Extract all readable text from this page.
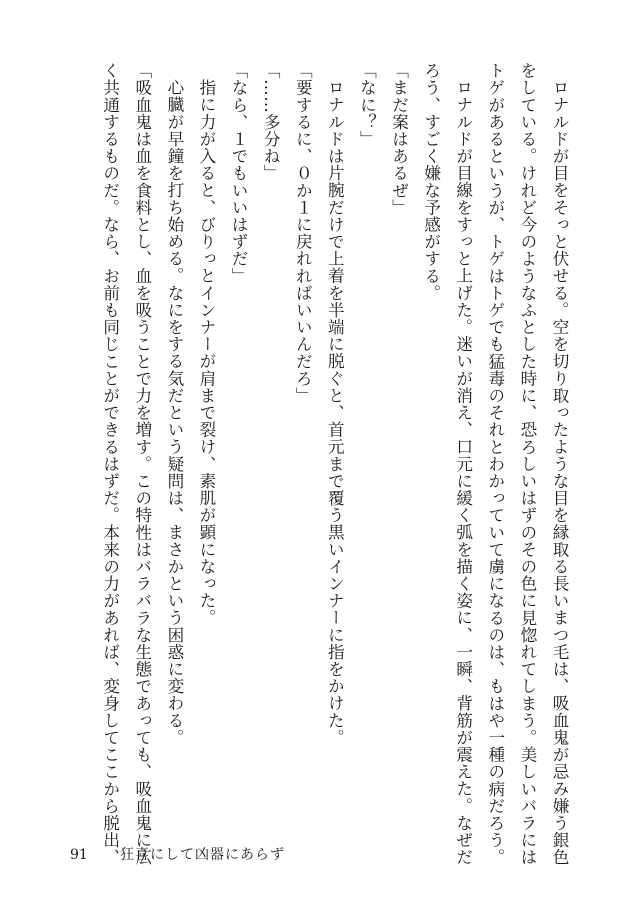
ロナルドが目をそっと伏せる。空を切り取ったような目を縁取る長いまつ毛は、吸血鬼が忌み嫌う銀色
をしている。けれど今のようなふとした時に、恐ろしいはずのその色に見惚れてしまう。美しいバラには
トゲがあるというが、トゲはトゲでも猛毒のそれとわかっていて虜になるのは、もはや一種の病だろう。
ロナルドが目線をすっと上げた。迷いが消え、口元に緩く弧を描く姿に、一瞬、背筋が震えた。なぜだ
ろう、すごく嫌な予感がする。
「まだ案はあるぜ」
「なに？」
ロナルドは片腕だけで上着を半端に脱ぐと、首元まで覆う黒いインナーに指をかけた。
「要するに、０か１に戻れればいいんだろ」
「……多分ね」
「なら、１でもいいはずだ」
指に力が入ると、びりっとインナーが肩まで裂け、素肌が顕になった。
心臓が早鐘を打ち始める。なにをする気だという疑問は、まさかという困惑に変わる。
「吸血鬼は血を食料とし、血を吸うことで力を増す。この特性はバラバラな生態であっても、吸血鬼に広
く共通するものだ。なら、お前も同じことができるはずだ。本来の力があれば、変身してここから脱出、
91 狂喜にして凶器にあらず
